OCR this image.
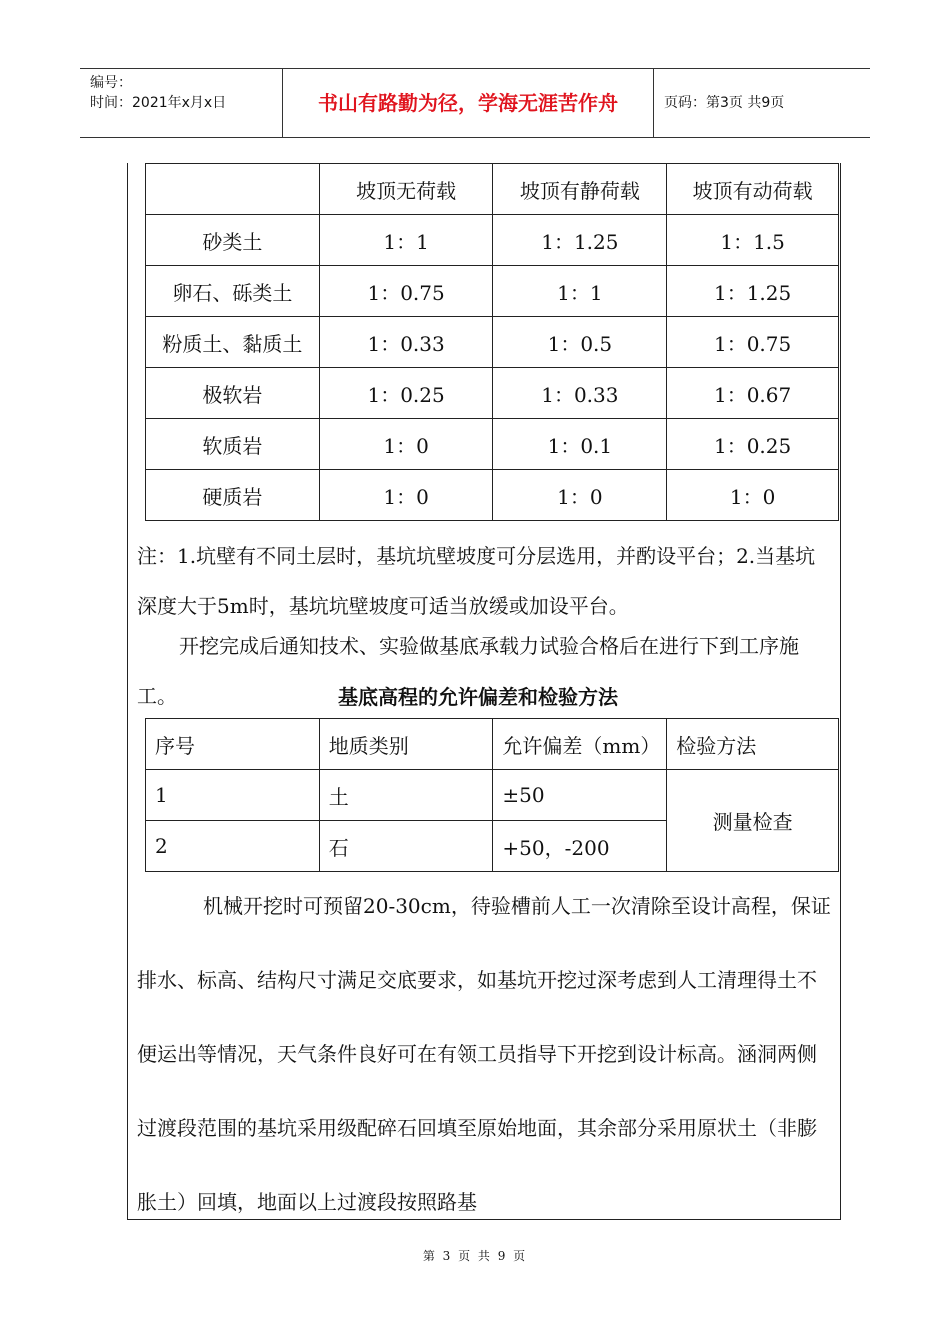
编号：
时间：2021年x月x日	书山有路勤为径，学海无涯苦作舟	页码：第3页 共9页
	坡顶无荷载	坡顶有静荷载	坡顶有动荷载
砂类土	1：1	1：1.25	1：1.5
卵石、砾类土	1：0.75	1：1	1：1.25
粉质土、黏质土	1：0.33	1：0.5	1：0.75
极软岩	1：0.25	1：0.33	1：0.67
软质岩	1：0	1：0.1	1：0.25
硬质岩	1：0	1：0	1：0
注：1.坑壁有不同土层时，基坑坑壁坡度可分层选用，并酌设平台；2.当基坑深度大于5m时，基坑坑壁坡度可适当放缓或加设平台。
开挖完成后通知技术、实验做基底承载力试验合格后在进行下到工序施工。	基底高程的允许偏差和检验方法
序号	地质类别	允许偏差（mm）	检验方法
1	土	±50	测量检查
2	石	+50，-200	
机械开挖时可预留20-30cm，待验槽前人工一次清除至设计高程，保证排水、标高、结构尺寸满足交底要求，如基坑开挖过深考虑到人工清理得土不便运出等情况，天气条件良好可在有领工员指导下开挖到设计标高。涵洞两侧过渡段范围的基坑采用级配碎石回填至原始地面，其余部分采用原状土（非膨胀土）回填，地面以上过渡段按照路基
第 3 页 共 9 页
